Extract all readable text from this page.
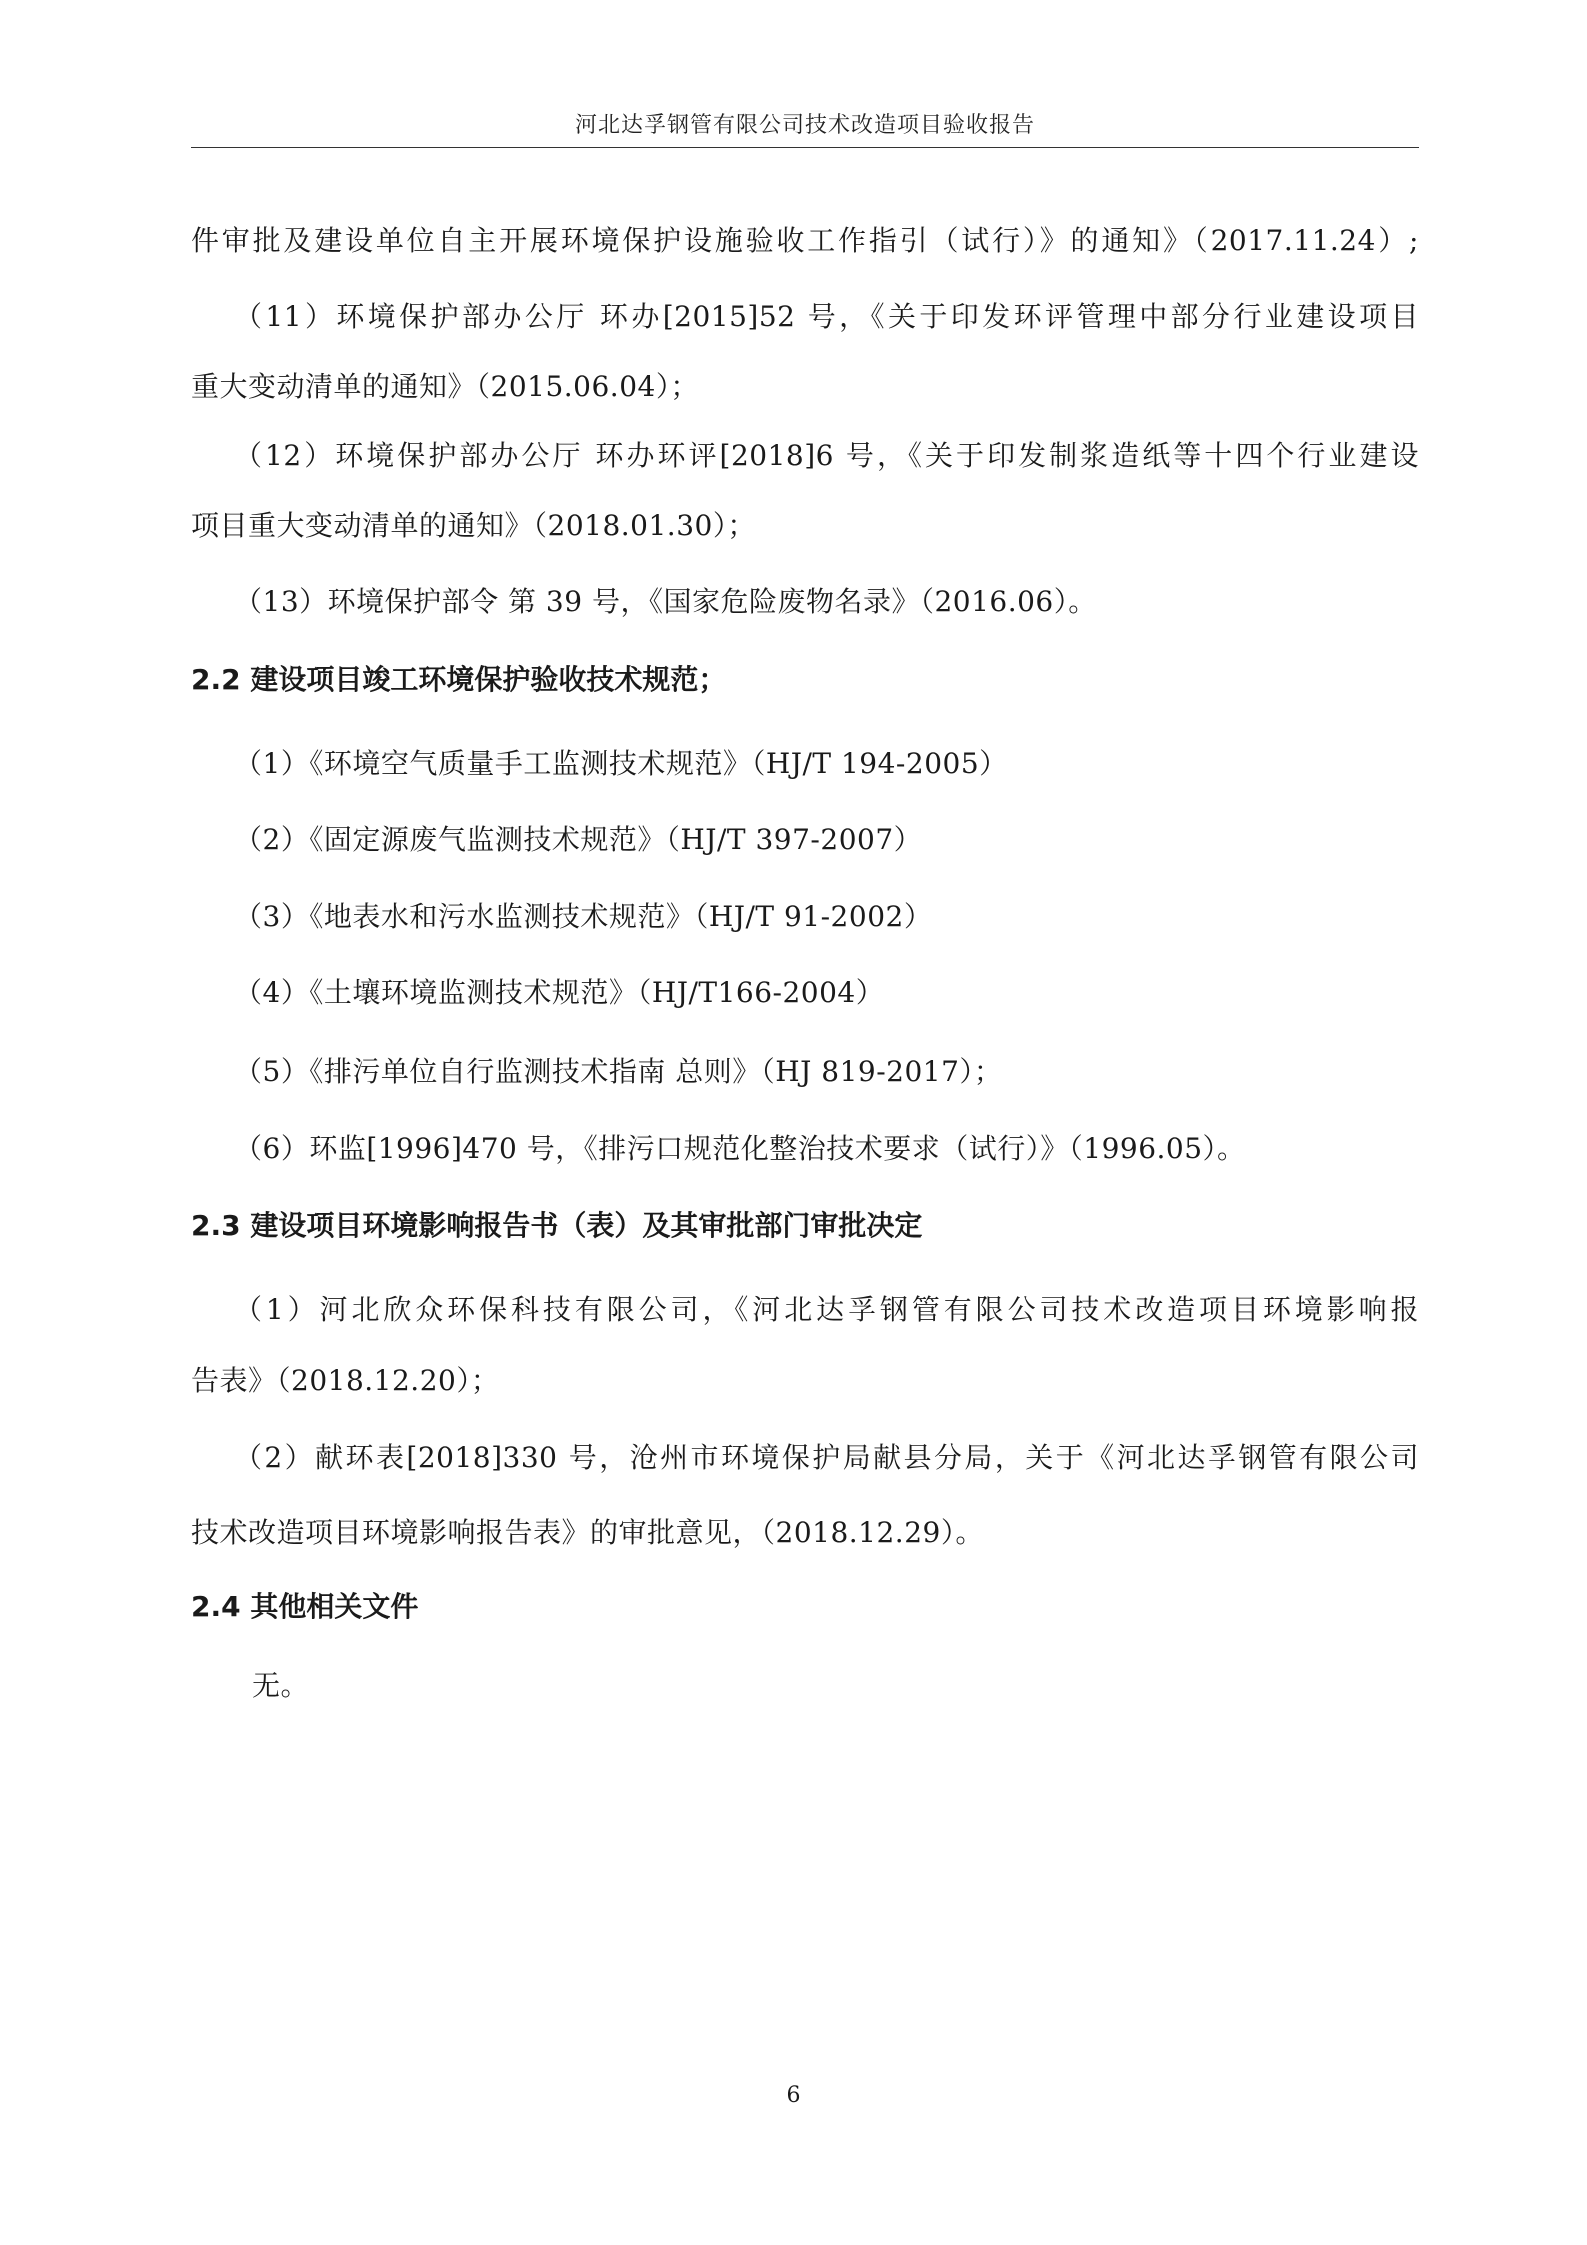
河北达孚钢管有限公司技术改造项目验收报告
件审批及建设单位自主开展环境保护设施验收工作指引（试行）》的通知》（2017.11.24）;
（11）环境保护部办公厅 环办[2015]52 号，《关于印发环评管理中部分行业建设项目
重大变动清单的通知》（2015.06.04）；
（12）环境保护部办公厅 环办环评[2018]6 号，《关于印发制浆造纸等十四个行业建设
项目重大变动清单的通知》（2018.01.30）；
（13）环境保护部令 第 39 号，《国家危险废物名录》（2016.06）。
2.2 建设项目竣工环境保护验收技术规范；
（1）《环境空气质量手工监测技术规范》（HJ/T 194-2005）
（2）《固定源废气监测技术规范》（HJ/T 397-2007）
（3）《地表水和污水监测技术规范》（HJ/T 91-2002）
（4）《土壤环境监测技术规范》（HJ/T166-2004）
（5）《排污单位自行监测技术指南 总则》（HJ 819-2017）；
（6）环监[1996]470 号，《排污口规范化整治技术要求（试行）》（1996.05）。
2.3 建设项目环境影响报告书（表）及其审批部门审批决定
（1）河北欣众环保科技有限公司，《河北达孚钢管有限公司技术改造项目环境影响报
告表》（2018.12.20）；
（2）献环表[2018]330 号，沧州市环境保护局献县分局，关于《河北达孚钢管有限公司
技术改造项目环境影响报告表》的审批意见，（2018.12.29）。
2.4 其他相关文件
无。
6
